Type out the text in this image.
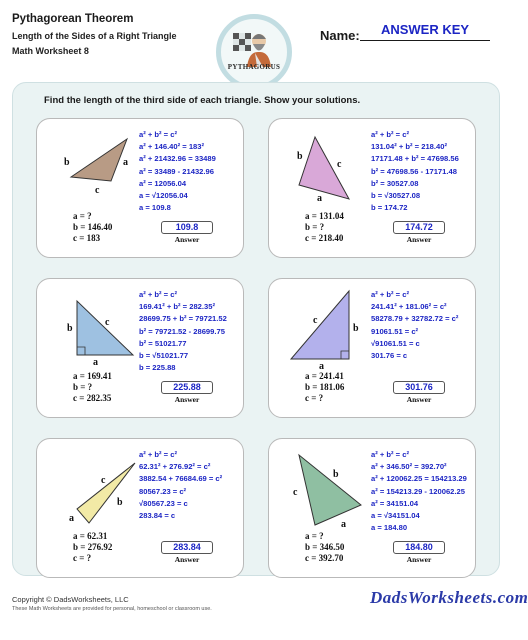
Pythagorean Theorem
Length of the Sides of a Right Triangle
Math Worksheet 8
PYTHAGORUS
Name:	ANSWER KEY
Find the length of the third side of each triangle. Show your solutions.
b	a
c
a² + b² = c²
a² + 146.40² = 183²
a² + 21432.96 = 33489
a² = 33489 - 21432.96
a² = 12056.04
a = √12056.04
a = 109.8
a = ?
b = 146.40
c = 183
109.8
Answer
b
a
c
a² + b² = c²
131.04² + b² = 218.40²
17171.48 + b² = 47698.56
b² = 47698.56 - 17171.48
b² = 30527.08
b = √30527.08
b = 174.72
a = 131.04
b = ?
c = 218.40
174.72
Answer
b
c
a
a² + b² = c²
169.41² + b² = 282.35²
28699.75 + b² = 79721.52
b² = 79721.52 - 28699.75
b² = 51021.77
b = √51021.77
b = 225.88
a = 169.41
b = ?
c = 282.35
225.88
Answer
c
b
a
a² + b² = c²
241.41² + 181.06² = c²
58278.79 + 32782.72 = c²
91061.51 = c²
√91061.51 = c
301.76 = c
a = 241.41
b = 181.06
c = ?
301.76
Answer
c
b
a
a² + b² = c²
62.31² + 276.92² = c²
3882.54 + 76684.69 = c²
80567.23 = c²
√80567.23 = c
283.84 = c
a = 62.31
b = 276.92
c = ?
283.84
Answer
c
b
a
a² + b² = c²
a² + 346.50² = 392.70²
a² + 120062.25 = 154213.29
a² = 154213.29 - 120062.25
a² = 34151.04
a = √34151.04
a = 184.80
a = ?
b = 346.50
c = 392.70
184.80
Answer
Copyright © DadsWorksheets, LLC
These Math Worksheets are provided for personal, homeschool or classroom use.
DadsWorksheets.com
